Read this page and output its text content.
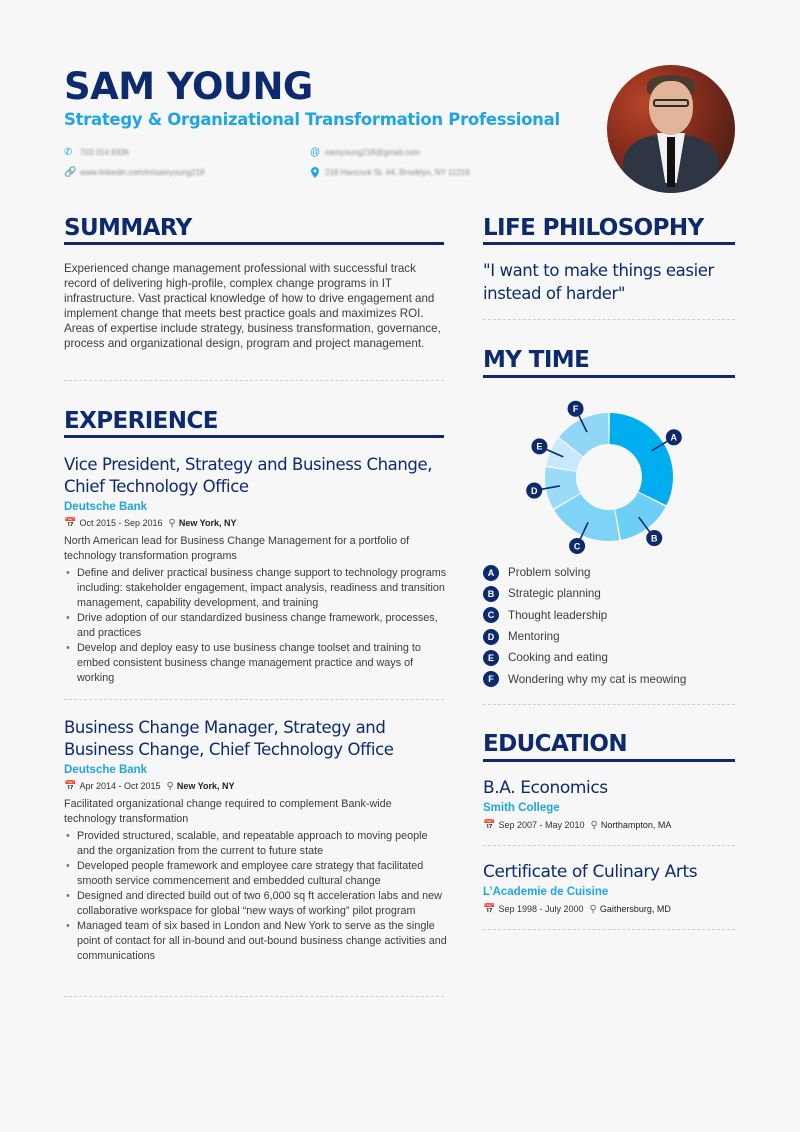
SAM YOUNG
Strategy & Organizational Transformation Professional
✆ 703 314 8336
🔗 www.linkedin.com/in/samyoung218
@ samyoung218@gmail.com
218 Hancock St. #4, Brooklyn, NY 11216
SUMMARY
Experienced change management professional with successful track record of delivering high-profile, complex change programs in IT infrastructure. Vast practical knowledge of how to drive engagement and implement change that meets best practice goals and maximizes ROI. Areas of expertise include strategy, business transformation, governance, process and organizational design, program and project management.
EXPERIENCE
Vice President, Strategy and Business Change, Chief Technology Office
Deutsche Bank
📅 Oct 2015 - Sep 2016 ⚲ New York, NY
North American lead for Business Change Management for a portfolio of technology transformation programs
• Define and deliver practical business change support to technology programs including: stakeholder engagement, impact analysis, readiness and transition management, capability development, and training
• Drive adoption of our standardized business change framework, processes, and practices
• Develop and deploy easy to use business change toolset and training to embed consistent business change management practice and ways of working
Business Change Manager, Strategy and Business Change, Chief Technology Office
Deutsche Bank
📅 Apr 2014 - Oct 2015 ⚲ New York, NY
Facilitated organizational change required to complement Bank-wide technology transformation
• Provided structured, scalable, and repeatable approach to moving people and the organization from the current to future state
• Developed people framework and employee care strategy that facilitated smooth service commencement and embedded cultural change
• Designed and directed build out of two 6,000 sq ft acceleration labs and new collaborative workspace for global “new ways of working” pilot program
• Managed team of six based in London and New York to serve as the single point of contact for all in-bound and out-bound business change activities and communications
LIFE PHILOSOPHY
"I want to make things easier instead of harder"
MY TIME
A
B
C
D
E
F
A	Problem solving
B	Strategic planning
C	Thought leadership
D	Mentoring
E	Cooking and eating
F	Wondering why my cat is meowing
EDUCATION
B.A. Economics
Smith College
📅 Sep 2007 - May 2010 ⚲ Northampton, MA
Certificate of Culinary Arts
L’Academie de Cuisine
📅 Sep 1998 - July 2000 ⚲ Gaithersburg, MD
